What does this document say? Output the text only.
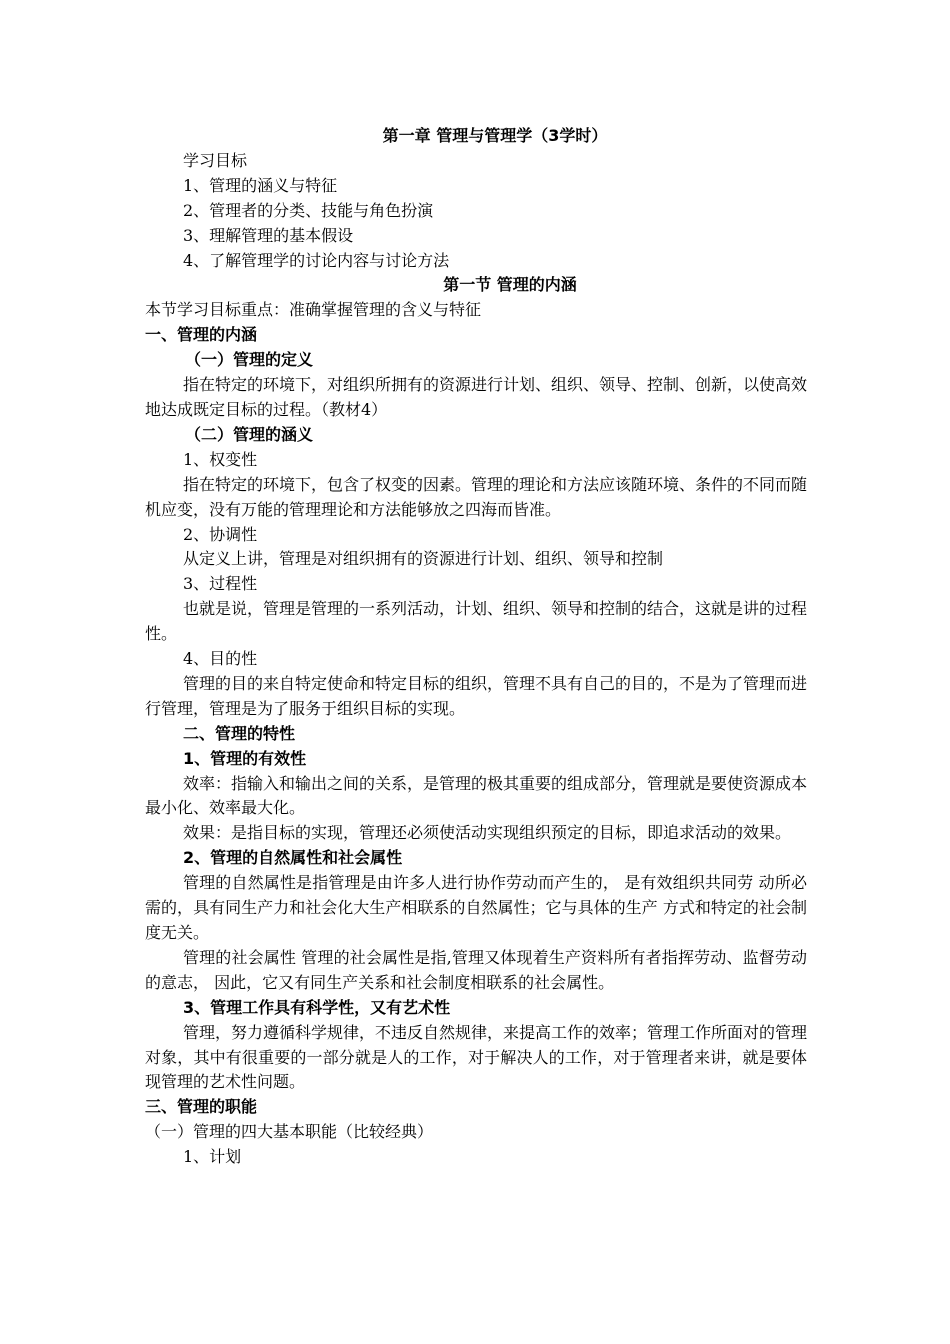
第一章 管理与管理学（3学时）
学习目标
1、管理的涵义与特征
2、管理者的分类、技能与角色扮演
3、理解管理的基本假设
4、了解管理学的讨论内容与讨论方法
第一节 管理的内涵
本节学习目标重点：准确掌握管理的含义与特征
一、管理的内涵
（一）管理的定义

指在特定的环境下，对组织所拥有的资源进行计划、组织、领导、控制、创新，以使高效地达成既定目标的过程。（教材4）

（二）管理的涵义
1、权变性

指在特定的环境下，包含了权变的因素。管理的理论和方法应该随环境、条件的不同而随机应变，没有万能的管理理论和方法能够放之四海而皆准。

2、协调性

从定义上讲，管理是对组织拥有的资源进行计划、组织、领导和控制

3、过程性

也就是说，管理是管理的一系列活动，计划、组织、领导和控制的结合，这就是讲的过程性。

4、目的性

管理的目的来自特定使命和特定目标的组织，管理不具有自己的目的，不是为了管理而进行管理，管理是为了服务于组织目标的实现。

二、管理的特性
1、管理的有效性

效率：指输入和输出之间的关系，是管理的极其重要的组成部分，管理就是要使资源成本最小化、效率最大化。

效果：是指目标的实现，管理还必须使活动实现组织预定的目标，即追求活动的效果。

2、管理的自然属性和社会属性

管理的自然属性是指管理是由许多人进行协作劳动而产生的， 是有效组织共同劳 动所必需的，具有同生产力和社会化大生产相联系的自然属性；它与具体的生产 方式和特定的社会制度无关。

管理的社会属性 管理的社会属性是指,管理又体现着生产资料所有者指挥劳动、监督劳动的意志， 因此，它又有同生产关系和社会制度相联系的社会属性。

3、管理工作具有科学性，又有艺术性

管理，努力遵循科学规律，不违反自然规律，来提高工作的效率；管理工作所面对的管理对象，其中有很重要的一部分就是人的工作，对于解决人的工作，对于管理者来讲，就是要体现管理的艺术性问题。

三、管理的职能
（一）管理的四大基本职能（比较经典）
1、计划
